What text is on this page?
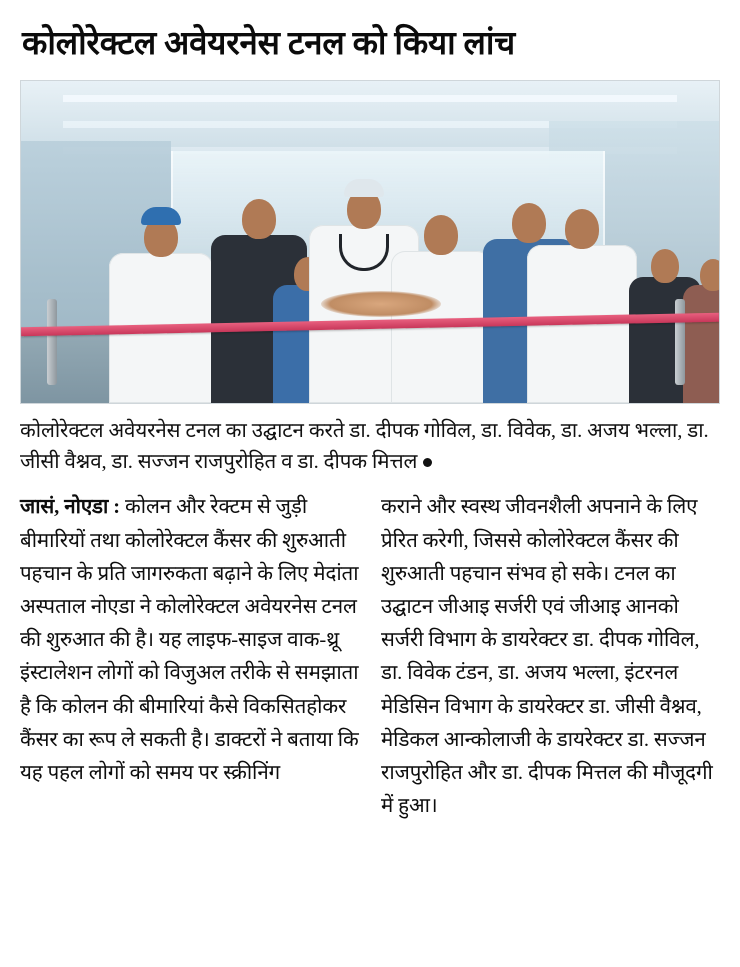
कोलोरेक्टल अवेयरनेस टनल को किया लांच
कोलोरेक्टल अवेयरनेस टनल का उद्घाटन करते डा. दीपक गोविल, डा. विवेक, डा. अजय भल्ला, डा. जीसी वैश्नव, डा. सज्जन राजपुरोहित व डा. दीपक मित्तल
जासं, नोएडा : कोलन और रेक्टम से जुड़ी बीमारियों तथा कोलोरेक्टल कैंसर की शुरुआती पहचान के प्रति जागरुकता बढ़ाने के लिए मेदांता अस्पताल नोएडा ने कोलोरेक्टल अवेयरनेस टनल की शुरुआत की है। यह लाइफ-साइज वाक-थ्रू इंस्टालेशन लोगों को विजुअल तरीके से समझाता है कि कोलन की बीमारियां कैसे विकसितहोकर कैंसर का रूप ले सकती है। डाक्टरों ने बताया कि यह पहल लोगों को समय पर स्क्रीनिंग
कराने और स्वस्थ जीवनशैली अपनाने के लिए प्रेरित करेगी, जिससे कोलोरेक्टल कैंसर की शुरुआती पहचान संभव हो सके। टनल का उद्घाटन जीआइ सर्जरी एवं जीआइ आनको सर्जरी विभाग के डायरेक्टर डा. दीपक गोविल, डा. विवेक टंडन, डा. अजय भल्ला, इंटरनल मेडिसिन विभाग के डायरेक्टर डा. जीसी वैश्नव, मेडिकल आन्कोलाजी के डायरेक्टर डा. सज्जन राजपुरोहित और डा. दीपक मित्तल की मौजूदगी में हुआ।
